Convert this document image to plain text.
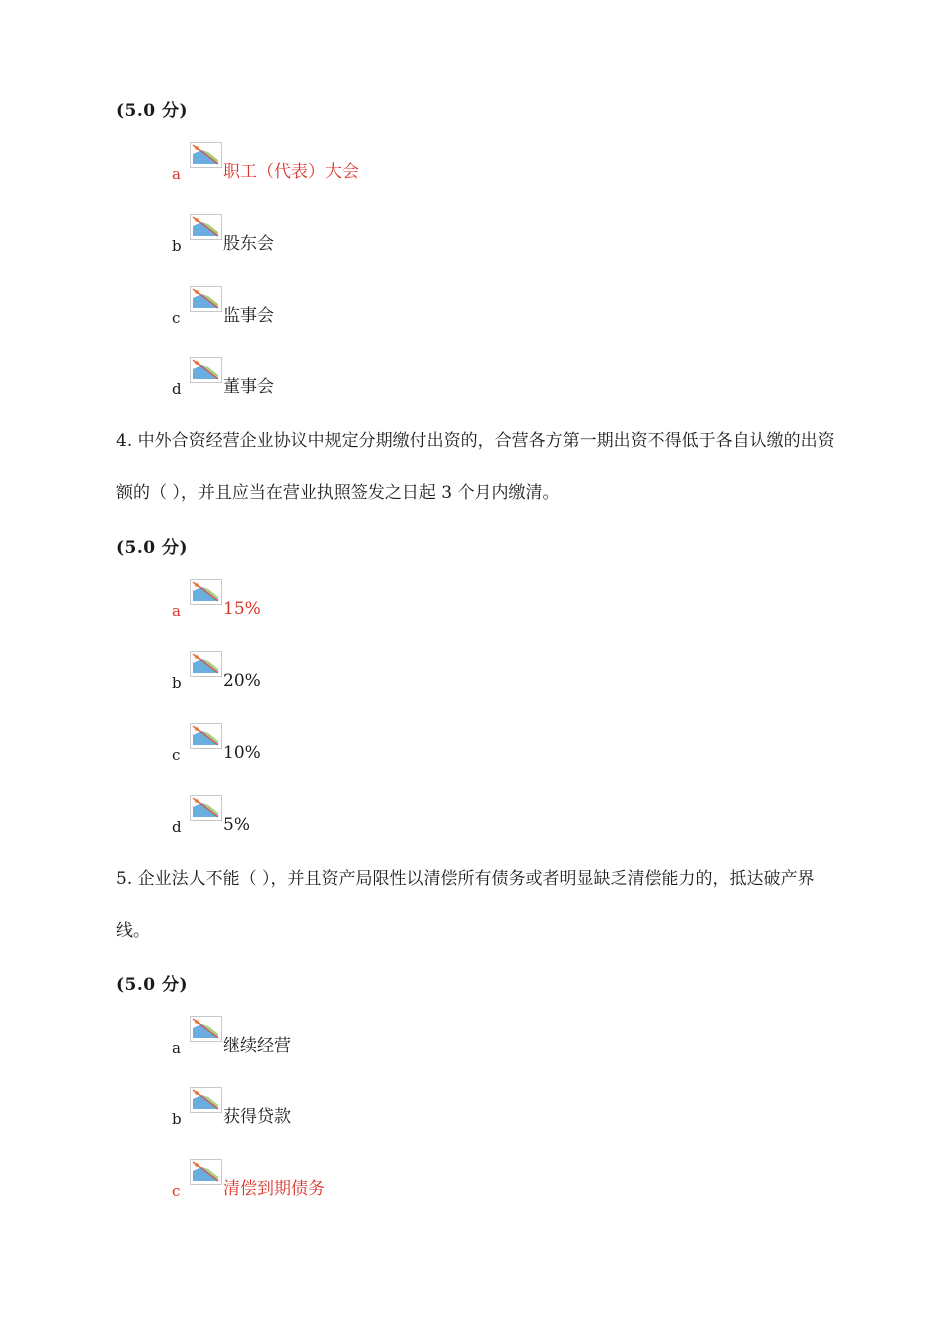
(5.0 分)
a 职工（代表）大会
b 股东会
c	监事会
d 董事会
4. 中外合资经营企业协议中规定分期缴付出资的，合营各方第一期出资不得低于各自认缴的出资额的（ ），并且应当在营业执照签发之日起 3 个月内缴清。
(5.0 分)
a 15%
b 20%
c	10%
d 5%
5. 企业法人不能（ ），并且资产局限性以清偿所有债务或者明显缺乏清偿能力的，抵达破产界线。
(5.0 分)
a 继续经营
b 获得贷款
c	清偿到期债务
